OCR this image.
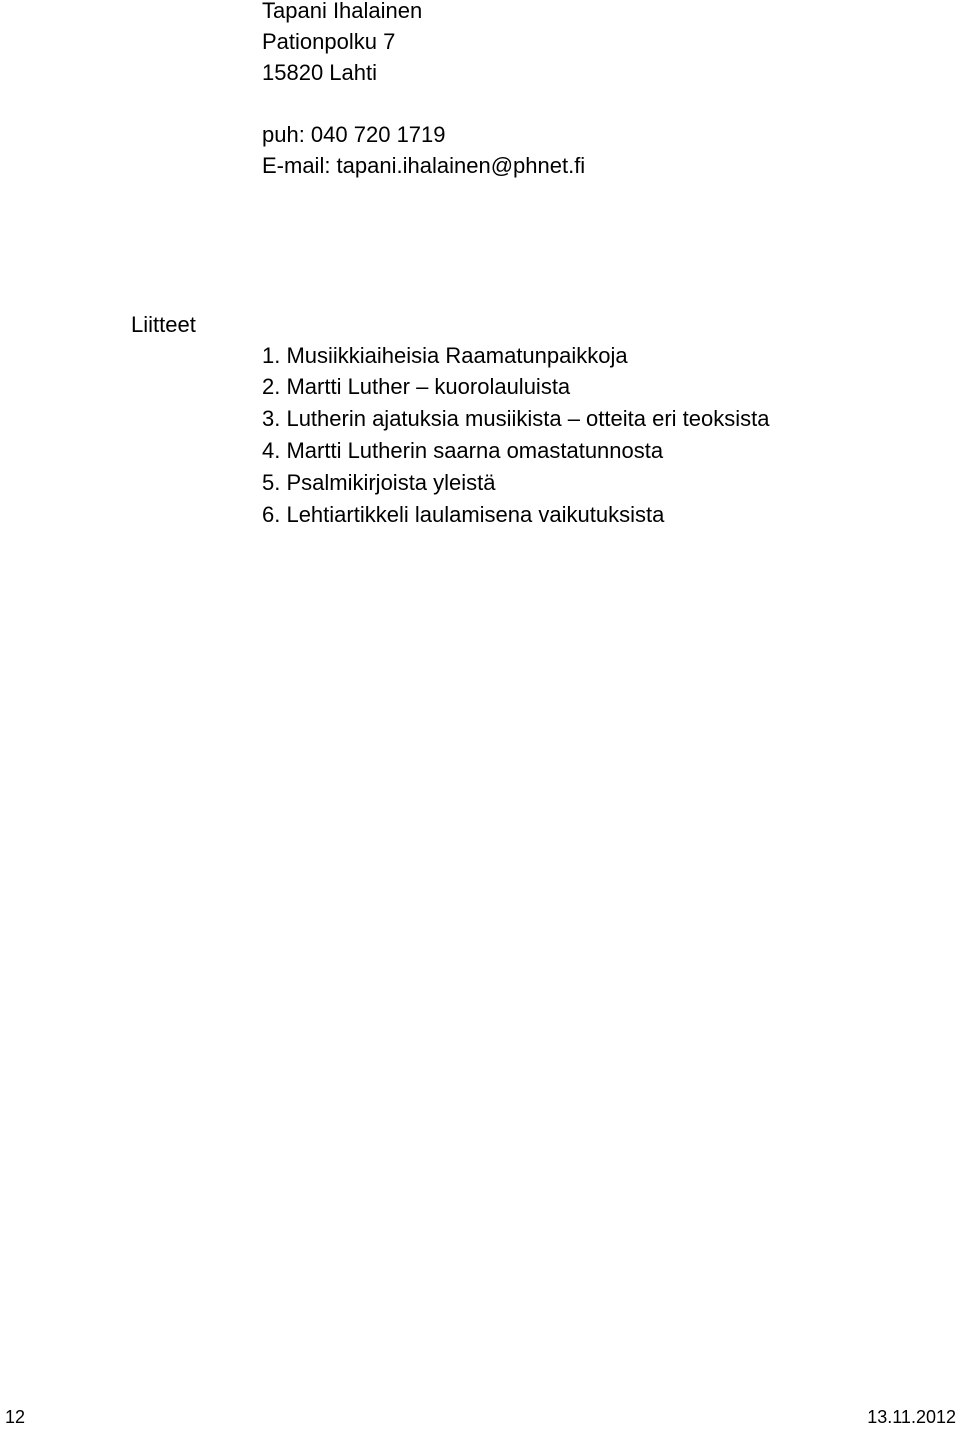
Tapani Ihalainen
Pationpolku 7
15820 Lahti
puh: 040 720 1719
E-mail: tapani.ihalainen@phnet.fi
Liitteet
1. Musiikkiaiheisia Raamatunpaikkoja
2. Martti Luther – kuorolauluista
3. Lutherin ajatuksia musiikista – otteita eri teoksista
4. Martti Lutherin saarna omastatunnosta
5. Psalmikirjoista yleistä
6. Lehtiartikkeli laulamisena vaikutuksista
12	13.11.2012
